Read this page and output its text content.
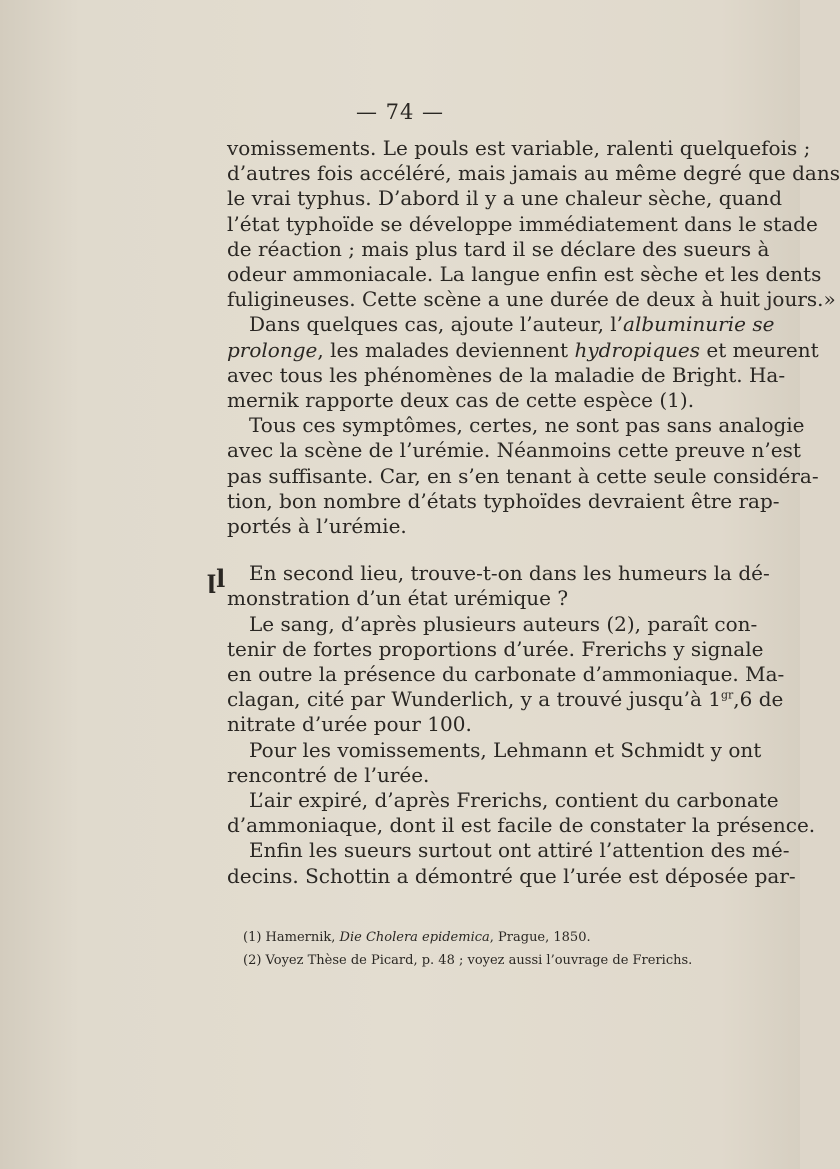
— 74 —
ꞁl
vomissements. Le pouls est variable, ralenti quelquefois ;
d’autres fois accéléré, mais jamais au même degré que dans
le vrai typhus. D’abord il y a une chaleur sèche, quand
l’état typhoïde se développe immédiatement dans le stade
de réaction ; mais plus tard il se déclare des sueurs à
odeur ammoniacale. La langue enfin est sèche et les dents
fuligineuses. Cette scène a une durée de deux à huit jours.»
Dans quelques cas, ajoute l’auteur, l’albuminurie se
prolonge, les malades deviennent hydropiques et meurent
avec tous les phénomènes de la maladie de Bright. Ha-
mernik rapporte deux cas de cette espèce (1).
Tous ces symptômes, certes, ne sont pas sans analogie
avec la scène de l’urémie. Néanmoins cette preuve n’est
pas suffisante. Car, en s’en tenant à cette seule considéra-
tion, bon nombre d’états typhoïdes devraient être rap-
portés à l’urémie.
En second lieu, trouve-t-on dans les humeurs la dé-
monstration d’un état urémique ?
Le sang, d’après plusieurs auteurs (2), paraît con-
tenir de fortes proportions d’urée. Frerichs y signale
en outre la présence du carbonate d’ammoniaque. Ma-
clagan, cité par Wunderlich, y a trouvé jusqu’à $1^{gr},6$ de
nitrate d’urée pour 100.
Pour les vomissements, Lehmann et Schmidt y ont
rencontré de l’urée.
L’air expiré, d’après Frerichs, contient du carbonate
d’ammoniaque, dont il est facile de constater la présence.
Enfin les sueurs surtout ont attiré l’attention des mé-
decins. Schottin a démontré que l’urée est déposée par-
(1) Hamernik, Die Cholera epidemica, Prague, 1850.
(2) Voyez Thèse de Picard, p. 48 ; voyez aussi l’ouvrage de Frerichs.
